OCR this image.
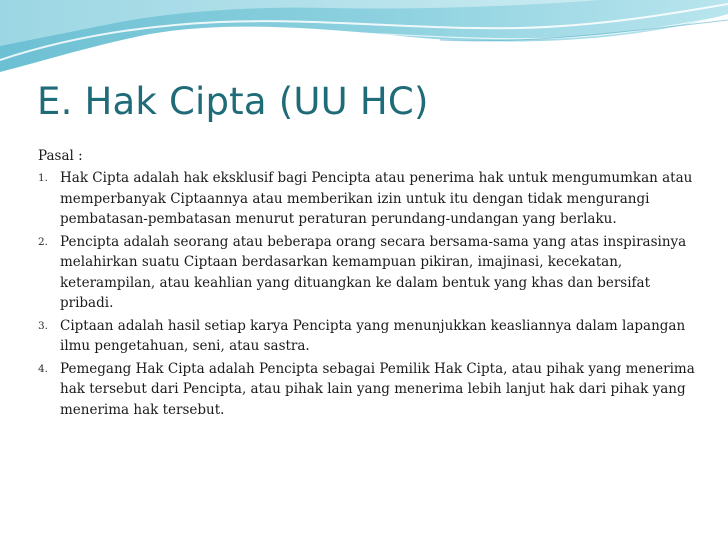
E. Hak Cipta (UU HC)

Pasal :

1. Hak Cipta adalah hak eksklusif bagi Pencipta atau penerima hak untuk mengumumkan atau memperbanyak Ciptaannya atau memberikan izin untuk itu dengan tidak mengurangi pembatasan-pembatasan menurut peraturan perundang-undangan yang berlaku.
2. Pencipta adalah seorang atau beberapa orang secara bersama-sama yang atas inspirasinya melahirkan suatu Ciptaan berdasarkan kemampuan pikiran, imajinasi, kecekatan, keterampilan, atau keahlian yang dituangkan ke dalam bentuk yang khas dan bersifat pribadi.
3. Ciptaan adalah hasil setiap karya Pencipta yang menunjukkan keasliannya dalam lapangan ilmu pengetahuan, seni, atau sastra.
4. Pemegang Hak Cipta adalah Pencipta sebagai Pemilik Hak Cipta, atau pihak yang menerima hak tersebut dari Pencipta, atau pihak lain yang menerima lebih lanjut hak dari pihak yang menerima hak tersebut.
